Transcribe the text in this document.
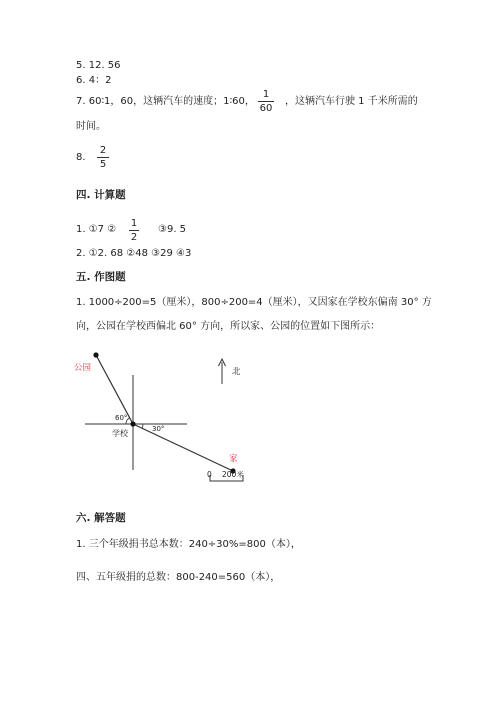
5. 12. 56
6. 4：2
7. 60∶1，60，这辆汽车的速度；1∶60，
1
60
，这辆汽车行驶 1 千米所需的
时间。
8.
2
5
四. 计算题
1. ①7 ②
1
2
③9. 5
2. ①2. 68 ②48 ③29 ④3
五. 作图题
1. 1000÷200=5（厘米），800÷200=4（厘米），又因家在学校东偏南 30° 方
向，公园在学校西偏北 60° 方向，所以家、公园的位置如下图所示：
公园
学校
家
北
60°
30°
0 200米
六. 解答题
1. 三个年级捐书总本数：240÷30%=800（本），
四、五年级捐的总数：800-240=560（本），
